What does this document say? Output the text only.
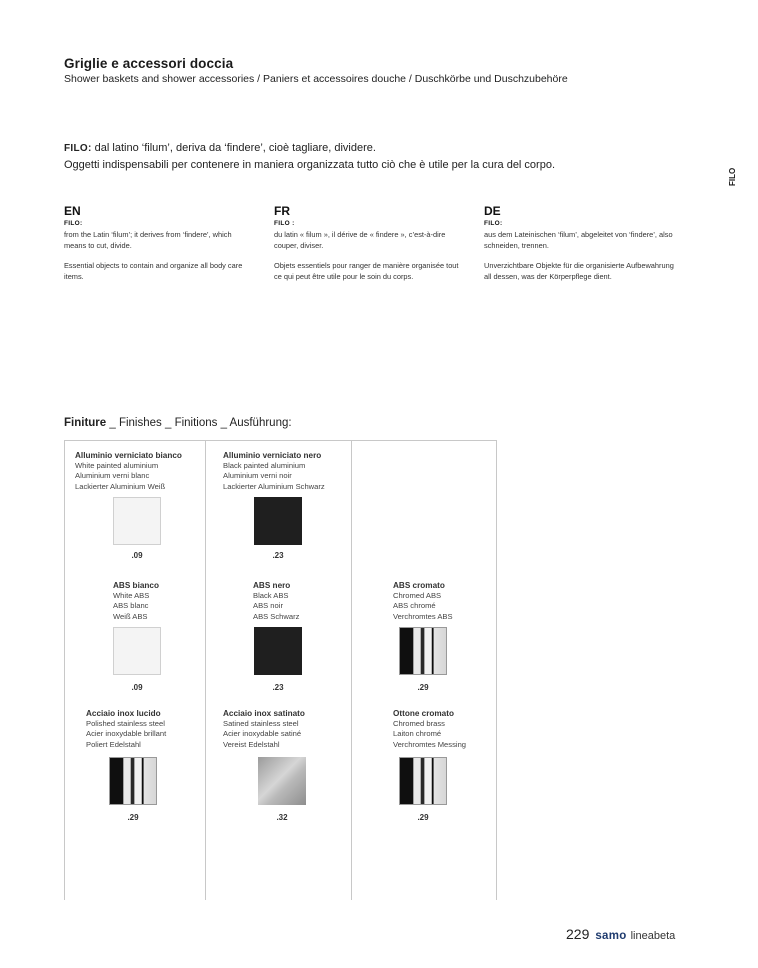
Griglie e accessori doccia
Shower baskets and shower accessories / Paniers et accessoires douche / Duschkörbe und Duschzubehöre
FILO: dal latino ‘filum’, deriva da ‘findere’, cioè tagliare, dividere.
Oggetti indispensabili per contenere in maniera organizzata tutto ciò che è utile per la cura del corpo.
FILO
EN
FILO:

from the Latin ‘filum’; it derives from ‘findere’, which means to cut, divide.

Essential objects to contain and organize all body care items.

FR
FILO :

du latin « filum », il dérive de « findere », c’est-à-dire couper, diviser.

Objets essentiels pour ranger de manière organisée tout ce qui peut être utile pour le soin du corps.

DE
FILO:

aus dem Lateinischen ‘filum’, abgeleitet von ‘findere’, also schneiden, trennen.

Unverzichtbare Objekte für die organisierte Aufbewahrung all dessen, was der Körperpflege dient.

Finiture _ Finishes _ Finitions _ Ausführung:
Alluminio verniciato bianco
White painted aluminium
Aluminium verni blanc
Lackierter Aluminium Weiß
.09
Alluminio verniciato nero
Black painted aluminium
Aluminium verni noir
Lackierter Aluminium Schwarz
.23
ABS bianco
White ABS
ABS blanc
Weiß ABS
.09
ABS nero
Black ABS
ABS noir
ABS Schwarz
.23
ABS cromato
Chromed ABS
ABS chromé
Verchromtes ABS
.29
Acciaio inox lucido
Polished stainless steel
Acier inoxydable brillant
Poliert Edelstahl
.29
Acciaio inox satinato
Satined stainless steel
Acier inoxydable satiné
Vereist Edelstahl
.32
Ottone cromato
Chromed brass
Laiton chromé
Verchromtes Messing
.29
229 samo lineabeta
